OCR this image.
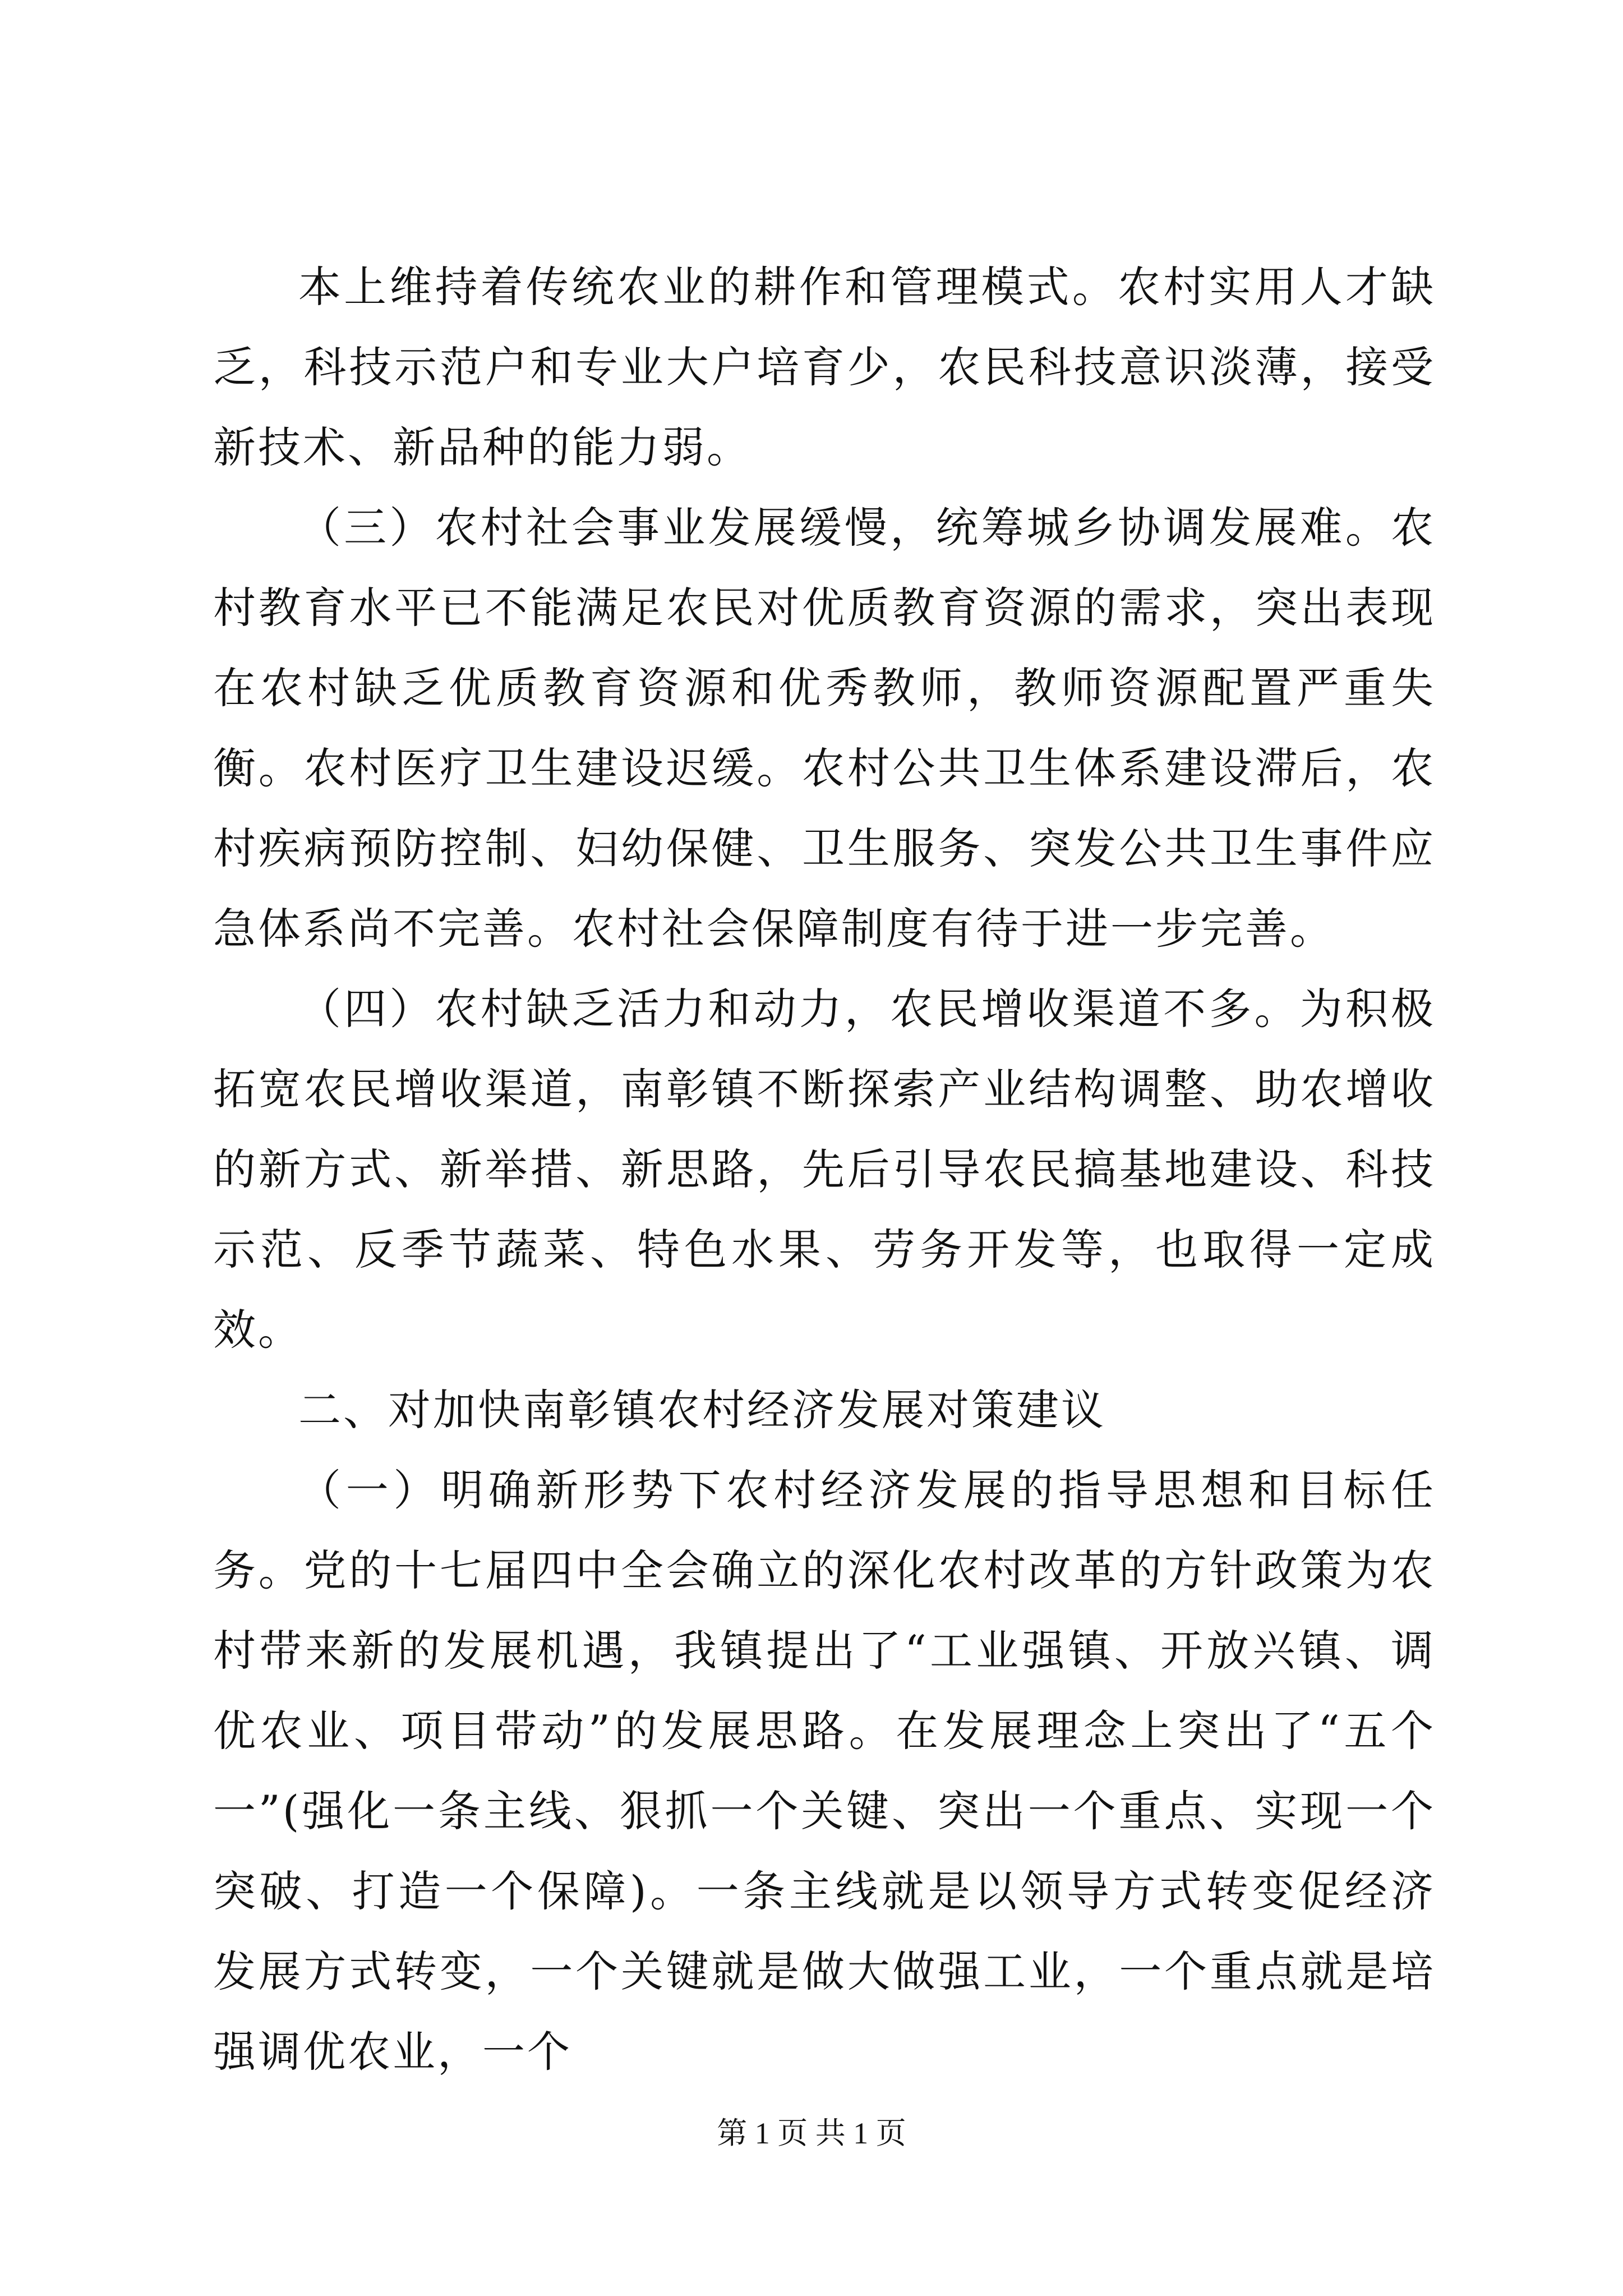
本上维持着传统农业的耕作和管理模式。农村实用人才缺乏，科技示范户和专业大户培育少，农民科技意识淡薄，接受新技术、新品种的能力弱。

（三）农村社会事业发展缓慢，统筹城乡协调发展难。农村教育水平已不能满足农民对优质教育资源的需求，突出表现在农村缺乏优质教育资源和优秀教师，教师资源配置严重失衡。农村医疗卫生建设迟缓。农村公共卫生体系建设滞后，农村疾病预防控制、妇幼保健、卫生服务、突发公共卫生事件应急体系尚不完善。农村社会保障制度有待于进一步完善。

（四）农村缺乏活力和动力，农民增收渠道不多。为积极拓宽农民增收渠道，南彰镇不断探索产业结构调整、助农增收的新方式、新举措、新思路，先后引导农民搞基地建设、科技示范、反季节蔬菜、特色水果、劳务开发等，也取得一定成效。

二、对加快南彰镇农村经济发展对策建议

（一）明确新形势下农村经济发展的指导思想和目标任务。党的十七届四中全会确立的深化农村改革的方针政策为农村带来新的发展机遇，我镇提出了“工业强镇、开放兴镇、调优农业、项目带动”的发展思路。在发展理念上突出了“五个一”(强化一条主线、狠抓一个关键、突出一个重点、实现一个突破、打造一个保障)。一条主线就是以领导方式转变促经济发展方式转变，一个关键就是做大做强工业，一个重点就是培强调优农业，一个

第 1 页 共 1 页
